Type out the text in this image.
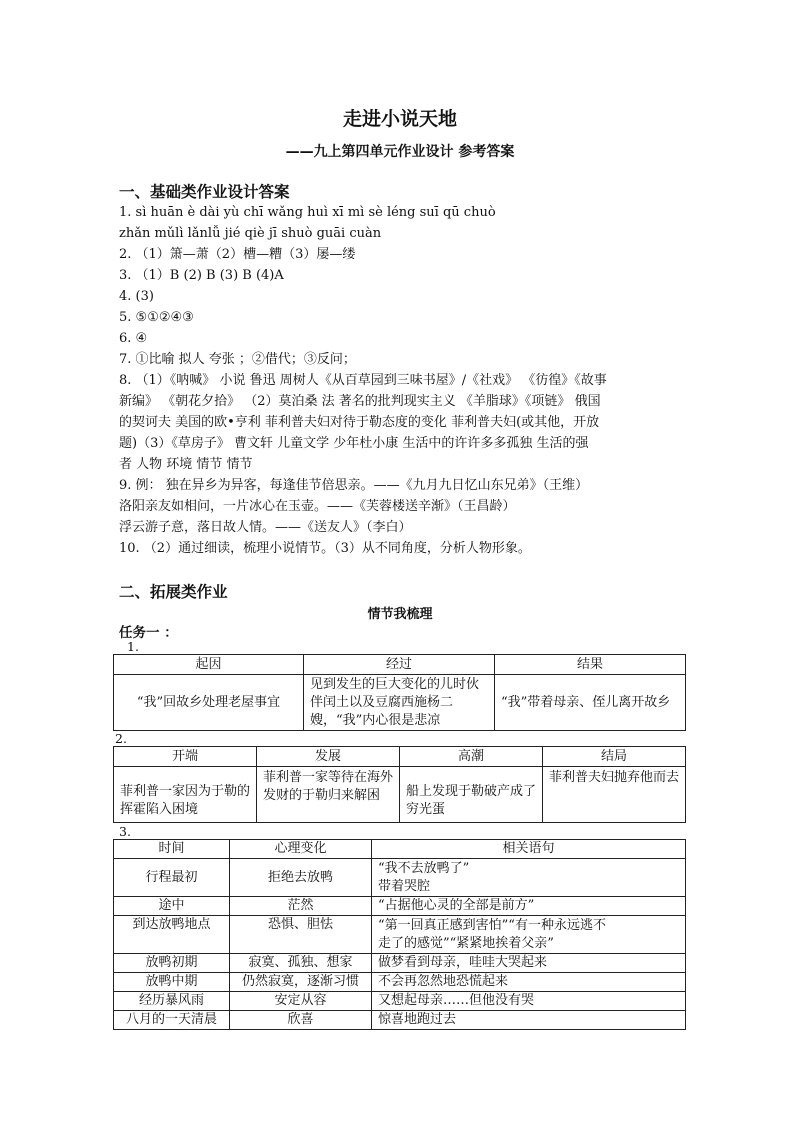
走进小说天地
——九上第四单元作业设计 参考答案
一、基础类作业设计答案
1. sì huān è dài yù chī wǎng huì xī mì sè léng suī qū chuò
zhǎn mǔlì lǎnlǚ jié qiè jī shuò guāi cuàn
2. （1）箫—萧（2）槽—糟（3）屡—缕
3. （1）B (2) B (3) B (4)A
4. (3)
5. ⑤①②④③
6. ④
7. ①比喻 拟人 夸张 ；②借代；③反问；
8. （1）《呐喊》 小说 鲁迅 周树人《从百草园到三味书屋》/《社戏》 《彷徨》《故事
新编》 《朝花夕拾》 （2）莫泊桑 法 著名的批判现实主义 《羊脂球》《项链》 俄国
的契诃夫 美国的欧•亨利 菲利普夫妇对待于勒态度的变化 菲利普夫妇(或其他，开放
题)（3）《草房子》 曹文轩 儿童文学 少年杜小康 生活中的许许多多孤独 生活的强
者 人物 环境 情节 情节
9. 例： 独在异乡为异客，每逢佳节倍思亲。——《九月九日忆山东兄弟》（王维）
洛阳亲友如相问，一片冰心在玉壶。——《芙蓉楼送辛渐》（王昌龄）
浮云游子意，落日故人情。——《送友人》（李白）
10. （2）通过细读，梳理小说情节。（3）从不同角度，分析人物形象。
二、拓展类作业
情节我梳理
任务一 ：
1.
起因	经过	结果
“我”回故乡处理老屋事宜	见到发生的巨大变化的儿时伙伴闰土以及豆腐西施杨二嫂，“我”内心很是悲凉	“我”带着母亲、侄儿离开故乡
2.
开端	发展	高潮	结局
菲利普一家因为于勒的挥霍陷入困境	菲利普一家等待在海外发财的于勒归来解困	船上发现于勒破产成了穷光蛋	菲利普夫妇抛弃他而去
3.
时间	心理变化	相关语句
行程最初	拒绝去放鸭	“我不去放鸭了”
带着哭腔

途中	茫然	“占据他心灵的全部是前方”
到达放鸭地点	恐惧、胆怯	“第一回真正感到害怕”“有一种永远逃不
走了的感觉”“紧紧地挨着父亲”

放鸭初期	寂寞、孤独、想家	做梦看到母亲，哇哇大哭起来
放鸭中期	仍然寂寞，逐渐习惯	不会再忽然地恐慌起来
经历暴风雨	安定从容	又想起母亲……但他没有哭
八月的一天清晨	欣喜	惊喜地跑过去
